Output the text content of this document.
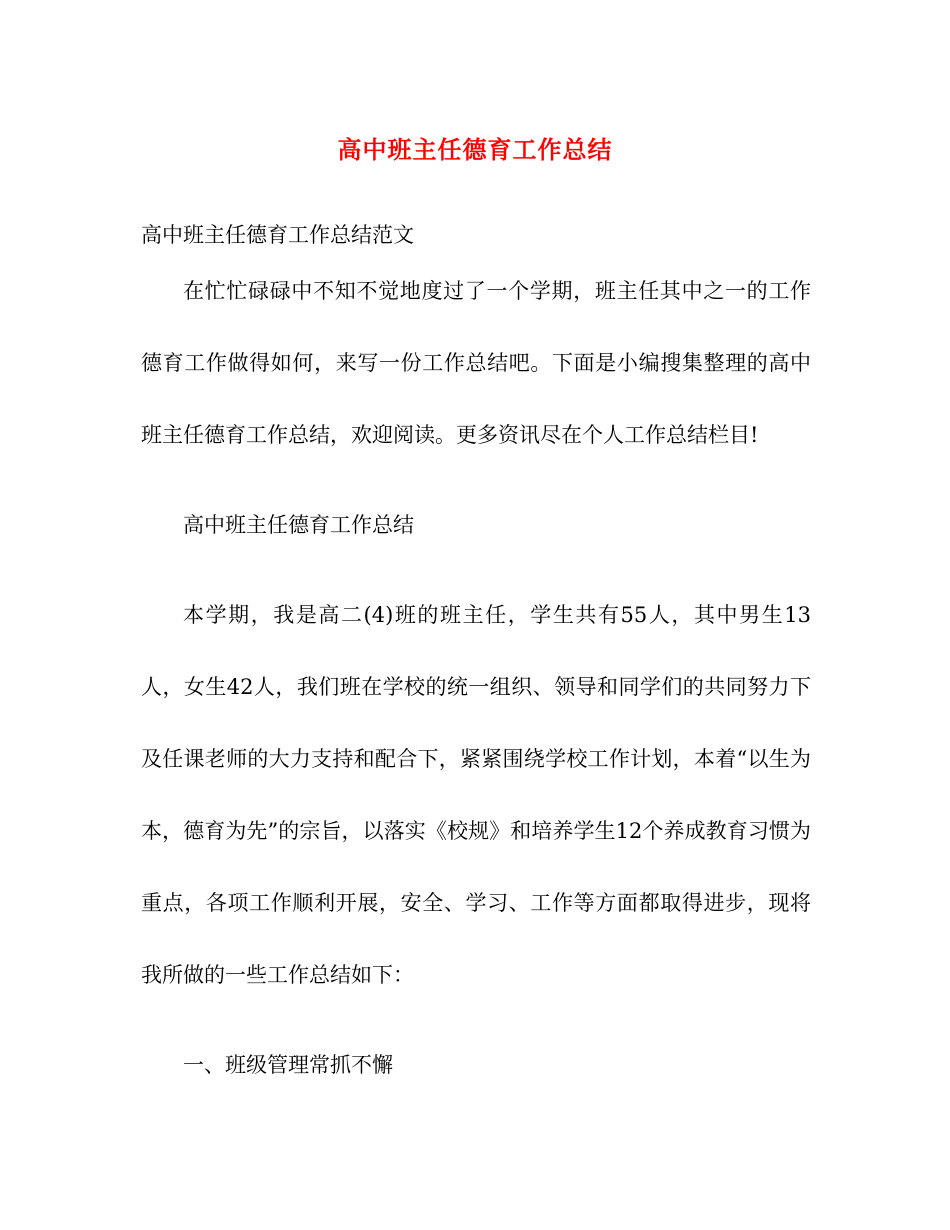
高中班主任德育工作总结

高中班主任德育工作总结范文

在忙忙碌碌中不知不觉地度过了一个学期，班主任其中之一的工作德育工作做得如何，来写一份工作总结吧。下面是小编搜集整理的高中班主任德育工作总结，欢迎阅读。更多资讯尽在个人工作总结栏目!

高中班主任德育工作总结

本学期，我是高二(4)班的班主任，学生共有55人，其中男生13人，女生42人，我们班在学校的统一组织、领导和同学们的共同努力下及任课老师的大力支持和配合下，紧紧围绕学校工作计划，本着“以生为本，德育为先”的宗旨，以落实《校规》和培养学生12个养成教育习惯为重点，各项工作顺利开展，安全、学习、工作等方面都取得进步，现将我所做的一些工作总结如下：

一、班级管理常抓不懈
